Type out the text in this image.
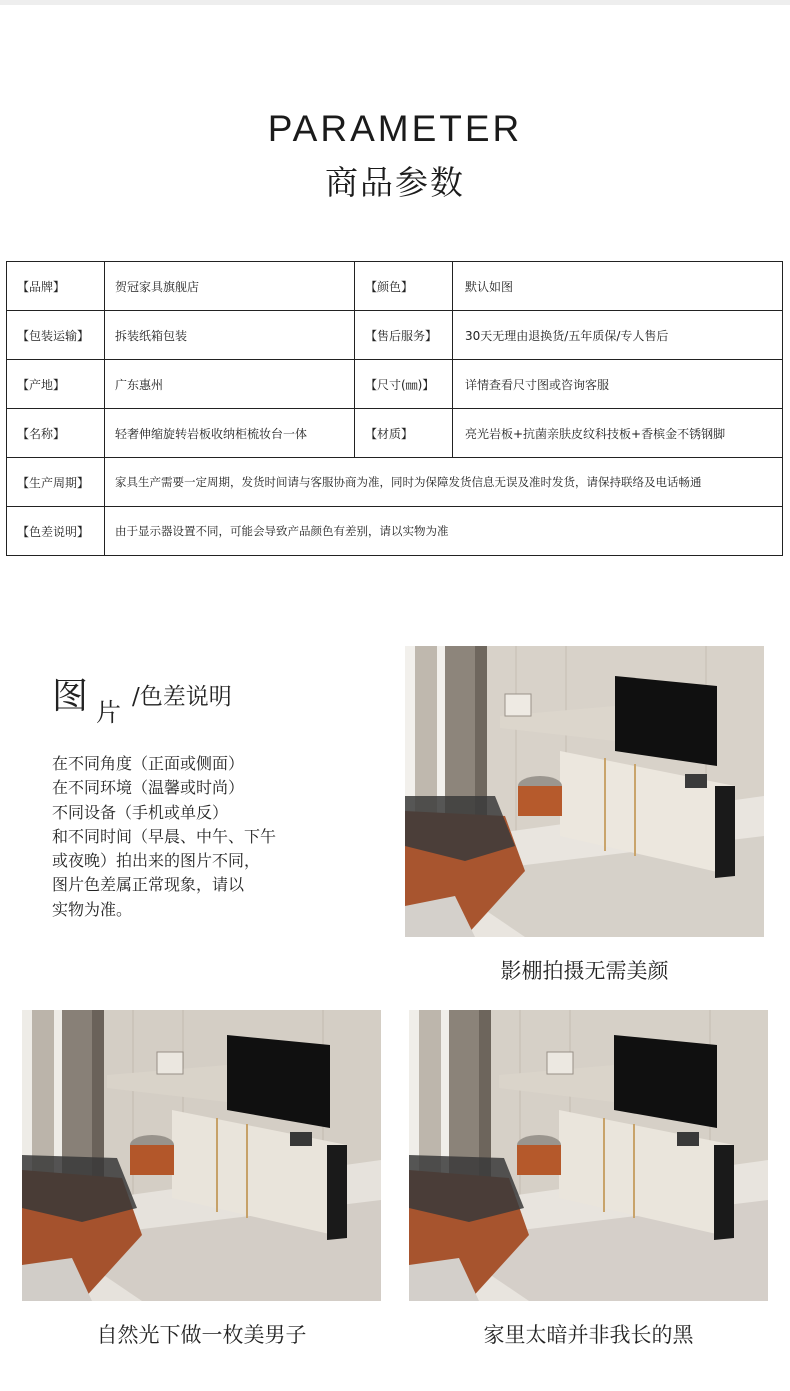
PARAMETER
商品参数
【品牌】	贺冠家具旗舰店	【颜色】	默认如图
【包装运输】	拆装纸箱包装	【售后服务】	30天无理由退换货/五年质保/专人售后
【产地】	广东惠州	【尺寸(㎜)】	详情查看尺寸图或咨询客服
【名称】	轻奢伸缩旋转岩板收纳柜梳妆台一体	【材质】	亮光岩板+抗菌亲肤皮纹科技板+香槟金不锈钢脚
【生产周期】	家具生产需要一定周期，发货时间请与客服协商为准，同时为保障发货信息无误及准时发货，请保持联络及电话畅通		
【色差说明】	由于显示器设置不同，可能会导致产品颜色有差别，请以实物为准		
图 片
/色差说明
在不同角度（正面或侧面）
在不同环境（温馨或时尚）
不同设备（手机或单反）
和不同时间（早晨、中午、下午
或夜晚）拍出来的图片不同，
图片色差属正常现象，请以
实物为准。
影棚拍摄无需美颜
自然光下做一枚美男子	家里太暗并非我长的黑
